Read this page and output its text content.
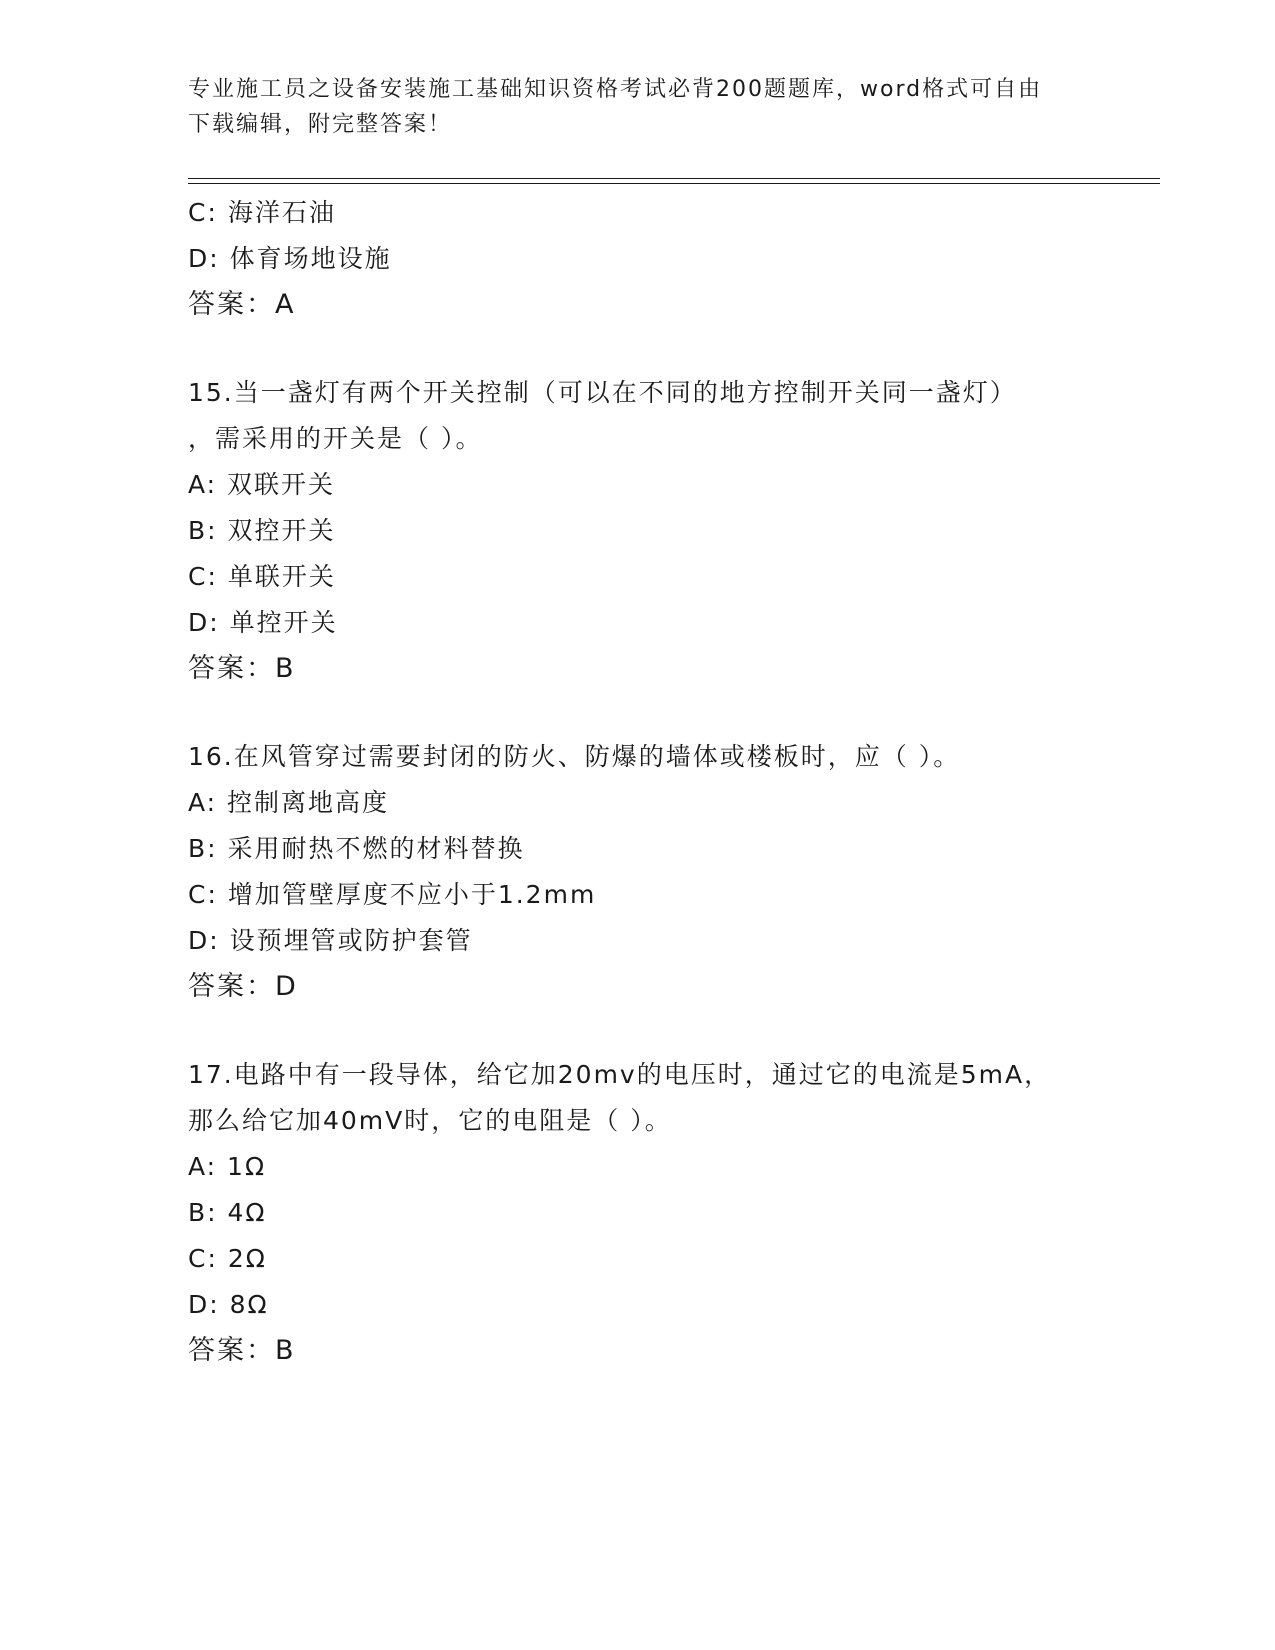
专业施工员之设备安装施工基础知识资格考试必背200题题库，word格式可自由
下载编辑，附完整答案！
C: 海洋石油
D: 体育场地设施
答案：A
15.当一盏灯有两个开关控制（可以在不同的地方控制开关同一盏灯）
，需采用的开关是（ ）。
A: 双联开关
B: 双控开关
C: 单联开关
D: 单控开关
答案：B
16.在风管穿过需要封闭的防火、防爆的墙体或楼板时，应（ ）。
A: 控制离地高度
B: 采用耐热不燃的材料替换
C: 增加管壁厚度不应小于1.2mm
D: 设预埋管或防护套管
答案：D
17.电路中有一段导体，给它加20mv的电压时，通过它的电流是5mA，
那么给它加40mV时，它的电阻是（ ）。
A: 1Ω
B: 4Ω
C: 2Ω
D: 8Ω
答案：B
